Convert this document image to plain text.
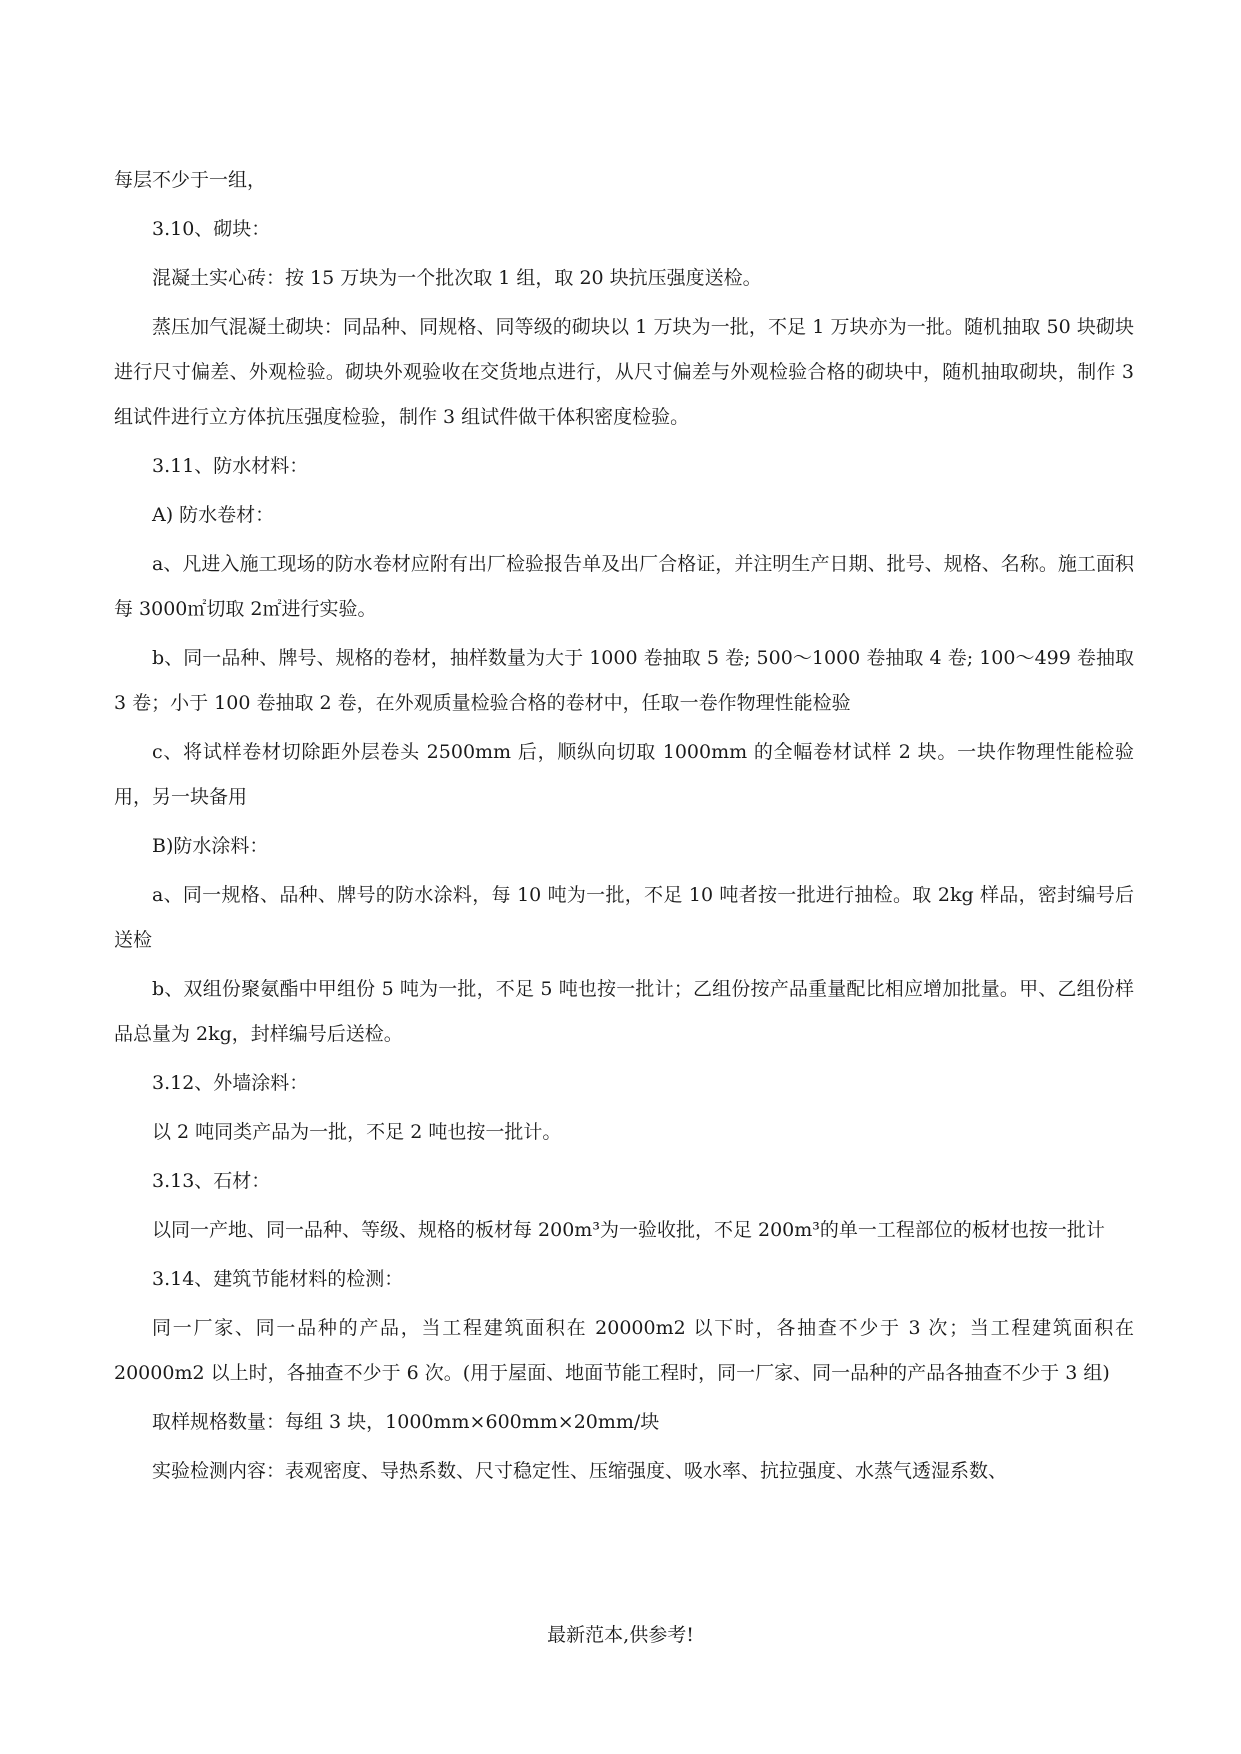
每层不少于一组，

3.10、砌块：

混凝土实心砖：按 15 万块为一个批次取 1 组，取 20 块抗压强度送检。

蒸压加气混凝土砌块：同品种、同规格、同等级的砌块以 1 万块为一批，不足 1 万块亦为一批。随机抽取 50 块砌块进行尺寸偏差、外观检验。砌块外观验收在交货地点进行，从尺寸偏差与外观检验合格的砌块中，随机抽取砌块，制作 3 组试件进行立方体抗压强度检验，制作 3 组试件做干体积密度检验。

3.11、防水材料：

A) 防水卷材：

a、凡进入施工现场的防水卷材应附有出厂检验报告单及出厂合格证，并注明生产日期、批号、规格、名称。施工面积每 3000㎡切取 2㎡进行实验。

b、同一品种、牌号、规格的卷材，抽样数量为大于 1000 卷抽取 5 卷; 500～1000 卷抽取 4 卷; 100～499 卷抽取 3 卷；小于 100 卷抽取 2 卷，在外观质量检验合格的卷材中，任取一卷作物理性能检验

c、将试样卷材切除距外层卷头 2500mm 后，顺纵向切取 1000mm 的全幅卷材试样 2 块。一块作物理性能检验用，另一块备用

B)防水涂料：

a、同一规格、品种、牌号的防水涂料，每 10 吨为一批，不足 10 吨者按一批进行抽检。取 2kg 样品，密封编号后送检

b、双组份聚氨酯中甲组份 5 吨为一批，不足 5 吨也按一批计；乙组份按产品重量配比相应增加批量。甲、乙组份样品总量为 2kg，封样编号后送检。

3.12、外墙涂料：

以 2 吨同类产品为一批，不足 2 吨也按一批计。

3.13、石材：

以同一产地、同一品种、等级、规格的板材每 200m³为一验收批，不足 200m³的单一工程部位的板材也按一批计

3.14、建筑节能材料的检测：

同一厂家、同一品种的产品，当工程建筑面积在 20000m2 以下时，各抽查不少于 3 次；当工程建筑面积在 20000m2 以上时，各抽查不少于 6 次。(用于屋面、地面节能工程时，同一厂家、同一品种的产品各抽查不少于 3 组)

取样规格数量：每组 3 块，1000mm×600mm×20mm/块

实验检测内容：表观密度、导热系数、尺寸稳定性、压缩强度、吸水率、抗拉强度、水蒸气透湿系数、

最新范本,供参考!
